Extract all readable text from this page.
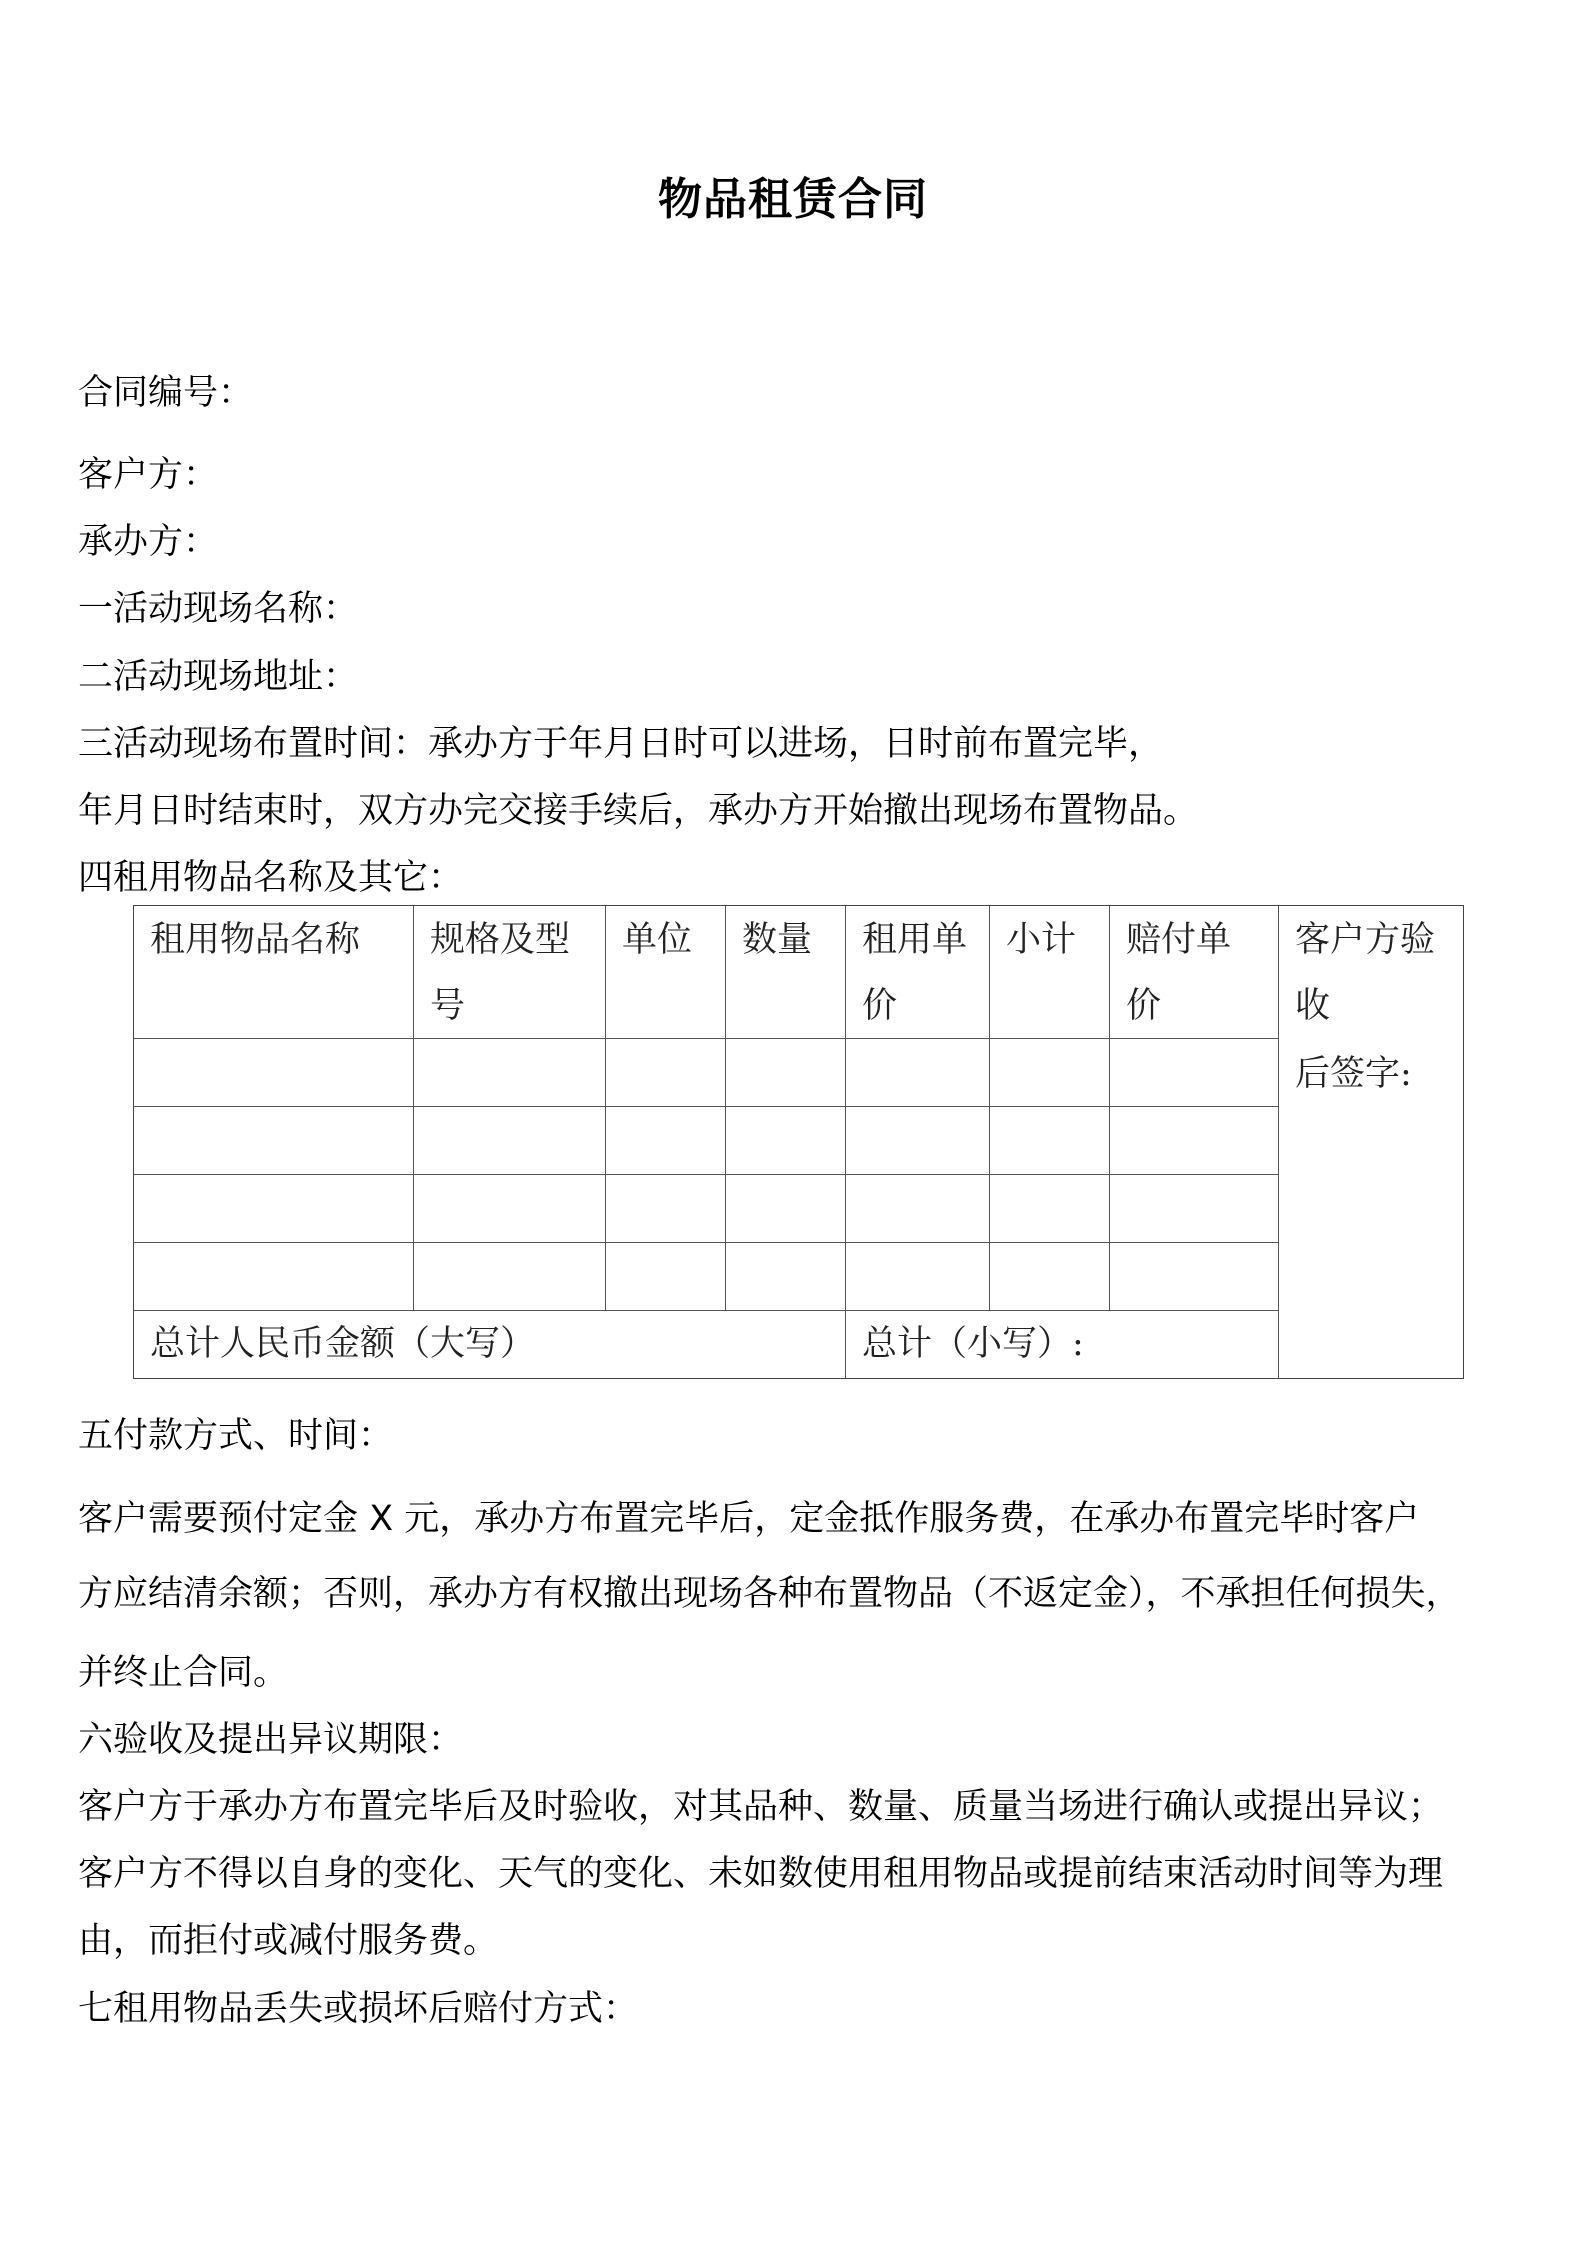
物品租赁合同

合同编号：

客户方：

承办方：

一活动现场名称：

二活动现场地址：

三活动现场布置时间：承办方于年月日时可以进场，日时前布置完毕，

年月日时结束时，双方办完交接手续后，承办方开始撤出现场布置物品。

四租用物品名称及其它：

租用物品名称 规格及型

号

单位 数量 租用单

价

小计 赔付单

价

客户方验

收

后签字:

总计人民币金额（大写）	总计（小写）:

五付款方式、时间：

客户需要预付定金 X 元，承办方布置完毕后，定金抵作服务费，在承办布置完毕时客户

方应结清余额；否则，承办方有权撤出现场各种布置物品（不返定金），不承担任何损失，

并终止合同。

六验收及提出异议期限：

客户方于承办方布置完毕后及时验收，对其品种、数量、质量当场进行确认或提出异议；

客户方不得以自身的变化、天气的变化、未如数使用租用物品或提前结束活动时间等为理

由，而拒付或减付服务费。

七租用物品丢失或损坏后赔付方式：
